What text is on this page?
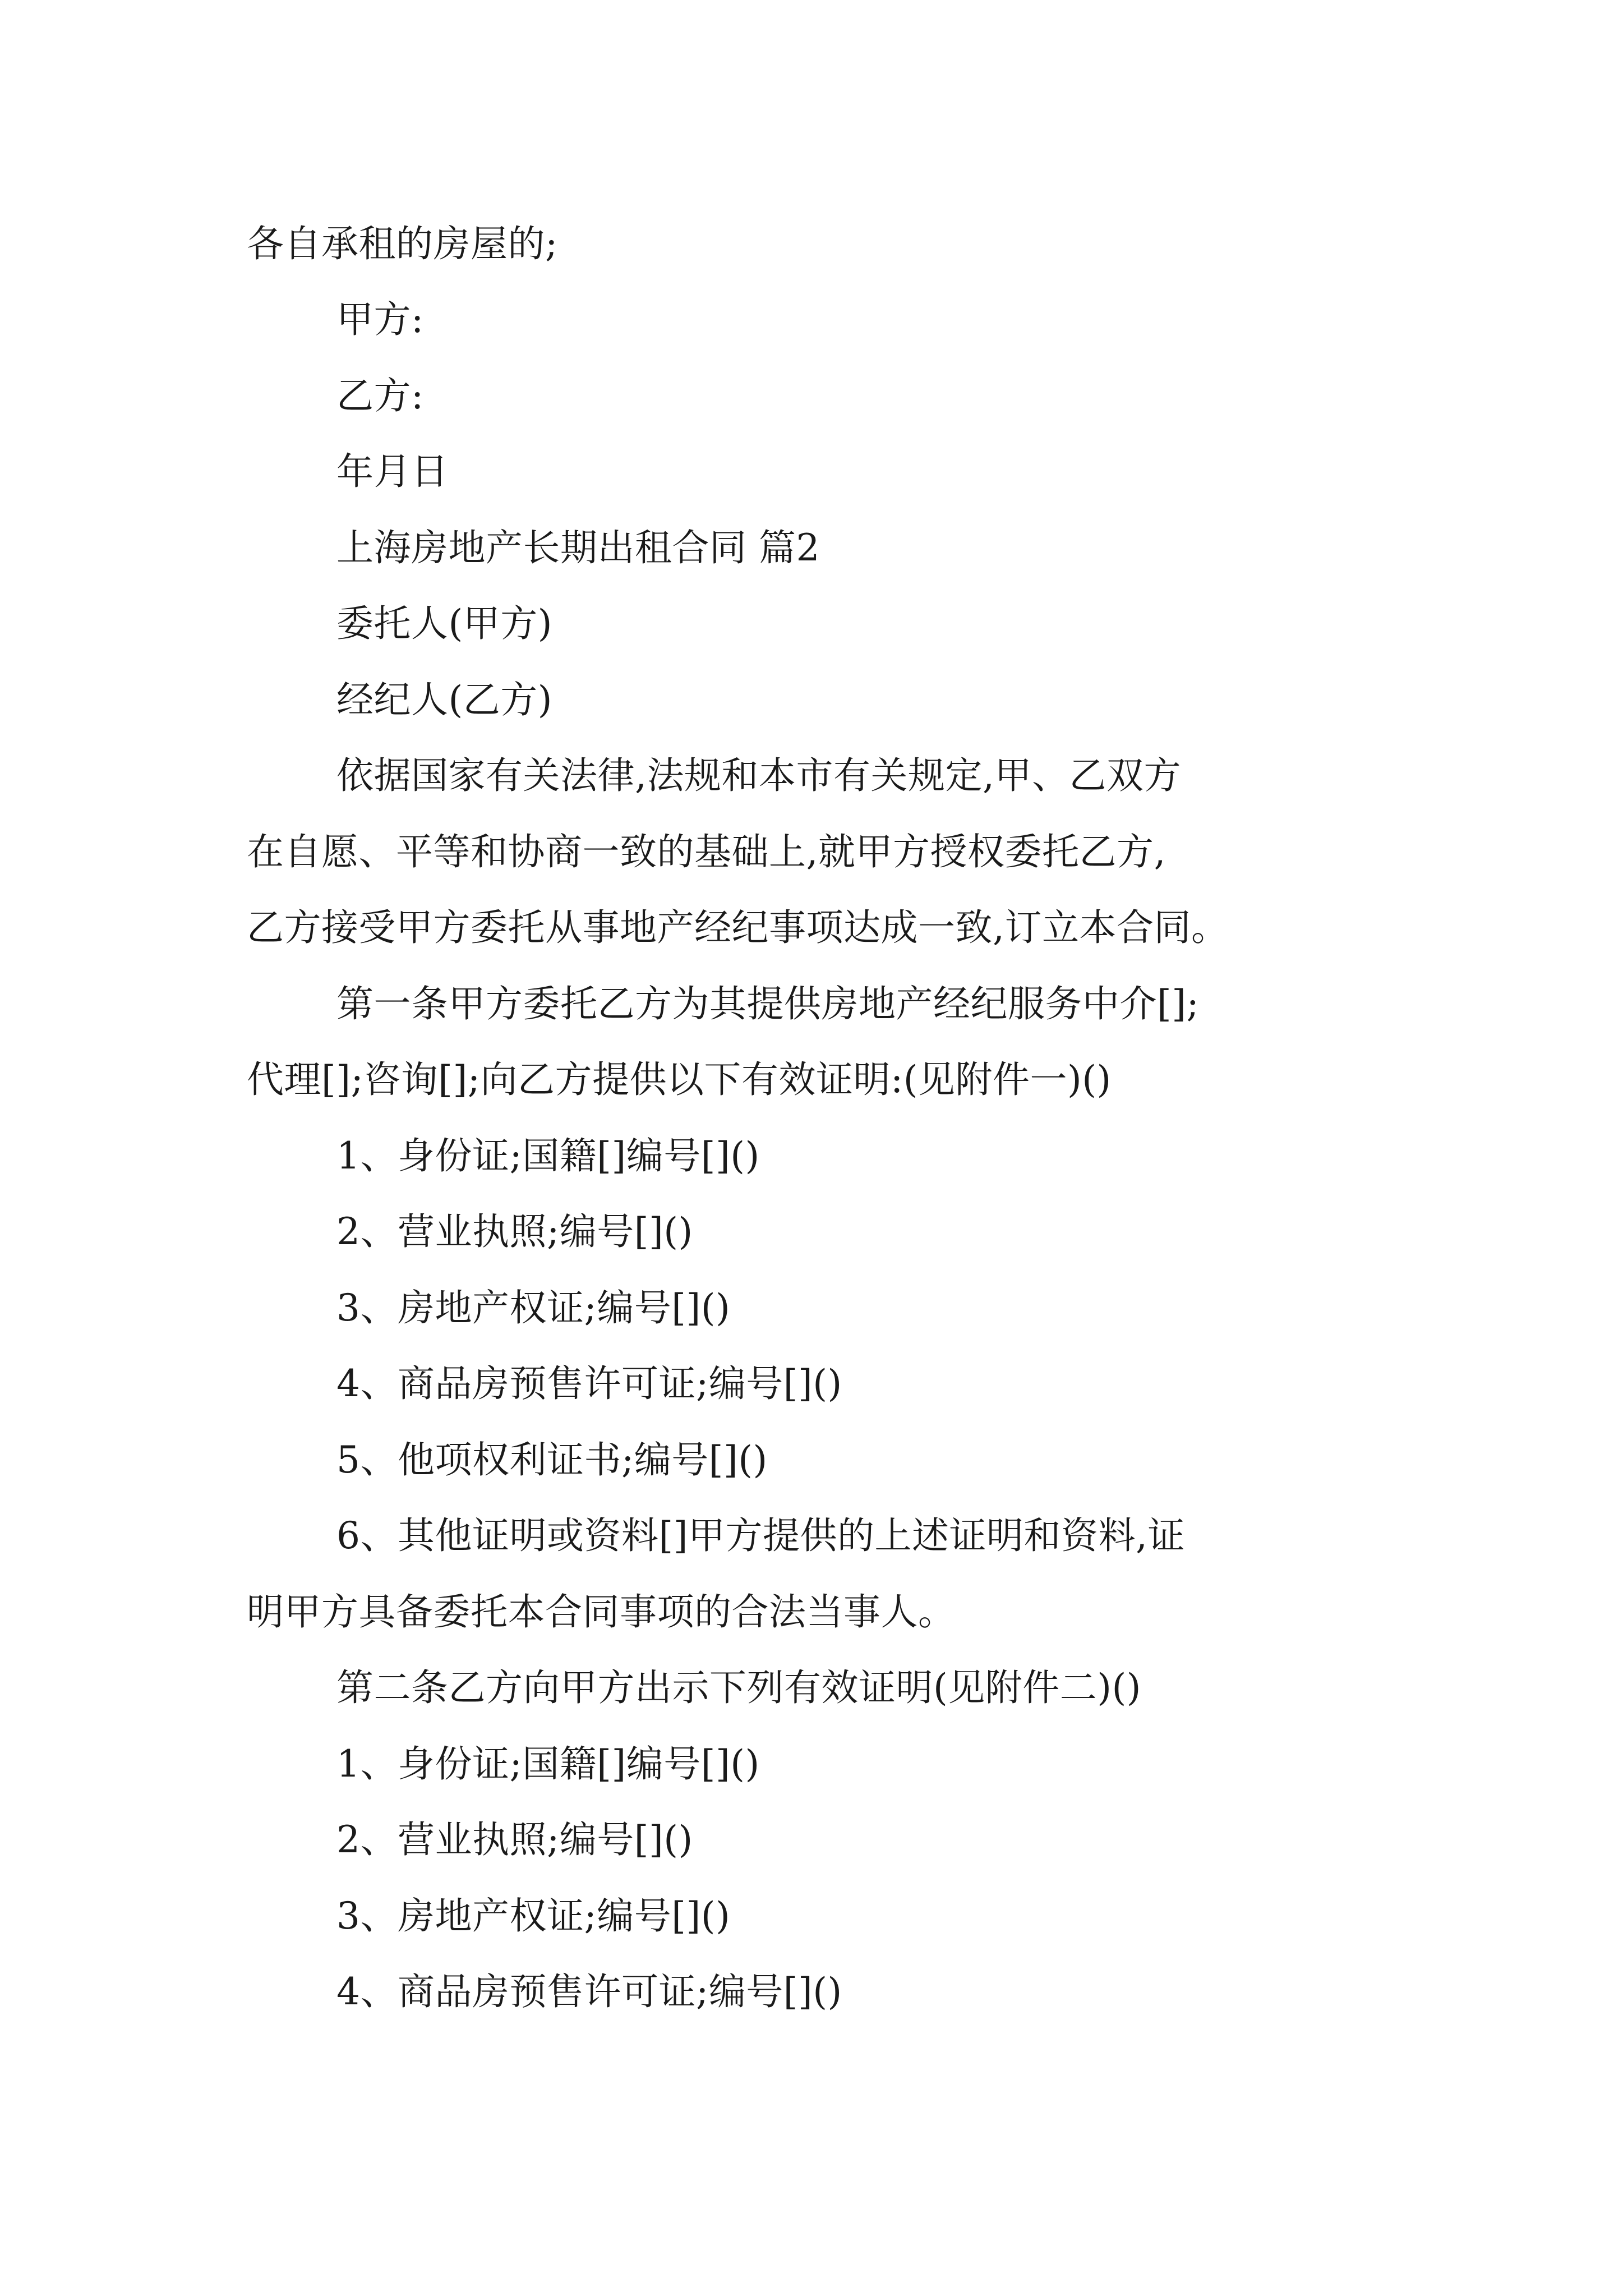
各自承租的房屋的;
甲方:
乙方:
年月日
上海房地产长期出租合同 篇2
委托人(甲方)
经纪人(乙方)
依据国家有关法律,法规和本市有关规定,甲、乙双方
在自愿、平等和协商一致的基础上,就甲方授权委托乙方,
乙方接受甲方委托从事地产经纪事项达成一致,订立本合同。
第一条甲方委托乙方为其提供房地产经纪服务中介[];
代理[];咨询[];向乙方提供以下有效证明:(见附件一)()
1、身份证;国籍[]编号[]()
2、营业执照;编号[]()
3、房地产权证;编号[]()
4、商品房预售许可证;编号[]()
5、他项权利证书;编号[]()
6、其他证明或资料[]甲方提供的上述证明和资料,证
明甲方具备委托本合同事项的合法当事人。
第二条乙方向甲方出示下列有效证明(见附件二)()
1、身份证;国籍[]编号[]()
2、营业执照;编号[]()
3、房地产权证;编号[]()
4、商品房预售许可证;编号[]()
